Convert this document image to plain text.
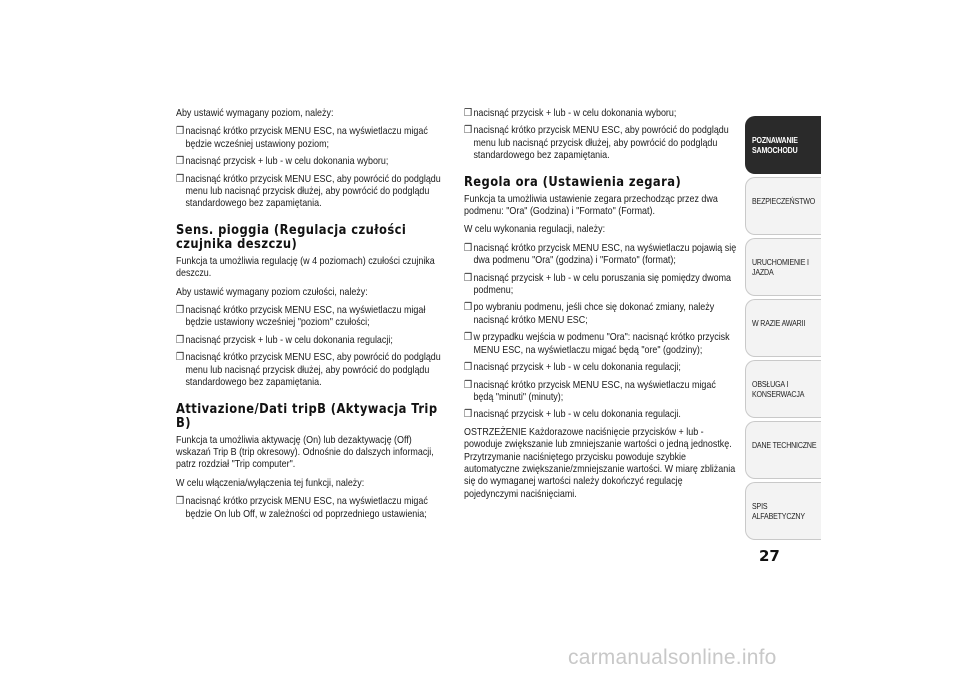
Aby ustawić wymagany poziom, należy:
❒nacisnąć krótko przycisk MENU ESC, na wyświetlaczu migać będzie wcześniej ustawiony poziom;
❒nacisnąć przycisk + lub - w celu dokonania wyboru;
❒nacisnąć krótko przycisk MENU ESC, aby powrócić do podglądu menu lub nacisnąć przycisk dłużej, aby powrócić do podglądu standardowego bez zapamiętania.
Sens. pioggia (Regulacja czułości czujnika deszczu)
Funkcja ta umożliwia regulację (w 4 poziomach) czułości czujnika deszczu.
Aby ustawić wymagany poziom czułości, należy:
❒nacisnąć krótko przycisk MENU ESC, na wyświetlaczu migał będzie ustawiony wcześniej "poziom" czułości;
❒nacisnąć przycisk + lub - w celu dokonania regulacji;
❒nacisnąć krótko przycisk MENU ESC, aby powrócić do podglądu menu lub nacisnąć przycisk dłużej, aby powrócić do podglądu standardowego bez zapamiętania.
Attivazione/Dati tripB (Aktywacja Trip B)
Funkcja ta umożliwia aktywację (On) lub dezaktywację (Off) wskazań Trip B (trip okresowy). Odnośnie do dalszych informacji, patrz rozdział "Trip computer".
W celu włączenia/wyłączenia tej funkcji, należy:
❒nacisnąć krótko przycisk MENU ESC, na wyświetlaczu migać będzie On lub Off, w zależności od poprzedniego ustawienia;
❒nacisnąć przycisk + lub - w celu dokonania wyboru;
❒nacisnąć krótko przycisk MENU ESC, aby powrócić do podglądu menu lub nacisnąć przycisk dłużej, aby powrócić do podglądu standardowego bez zapamiętania.
Regola ora (Ustawienia zegara)
Funkcja ta umożliwia ustawienie zegara przechodząc przez dwa podmenu: "Ora" (Godzina) i "Formato" (Format).
W celu wykonania regulacji, należy:
❒nacisnąć krótko przycisk MENU ESC, na wyświetlaczu pojawią się dwa podmenu "Ora" (godzina) i "Formato" (format);
❒nacisnąć przycisk + lub - w celu poruszania się pomiędzy dwoma podmenu;
❒po wybraniu podmenu, jeśli chce się dokonać zmiany, należy nacisnąć krótko MENU ESC;
❒w przypadku wejścia w podmenu "Ora": nacisnąć krótko przycisk MENU ESC, na wyświetlaczu migać będą "ore" (godziny);
❒nacisnąć przycisk + lub - w celu dokonania regulacji;
❒nacisnąć krótko przycisk MENU ESC, na wyświetlaczu migać będą "minuti" (minuty);
❒nacisnąć przycisk + lub - w celu dokonania regulacji.
OSTRZEŻENIE Każdorazowe naciśnięcie przycisków + lub - powoduje zwiększanie lub zmniejszanie wartości o jedną jednostkę. Przytrzymanie naciśniętego przycisku powoduje szybkie automatyczne zwiększanie/zmniejszanie wartości. W miarę zbliżania się do wymaganej wartości należy dokończyć regulację pojedynczymi naciśnięciami.
POZNAWANIE SAMOCHODU
BEZPIECZEŃSTWO
URUCHOMIENIE I JAZDA
W RAZIE AWARII
OBSŁUGA I KONSERWACJA
DANE TECHNICZNE
SPIS ALFABETYCZNY
27
carmanualsonline.info
